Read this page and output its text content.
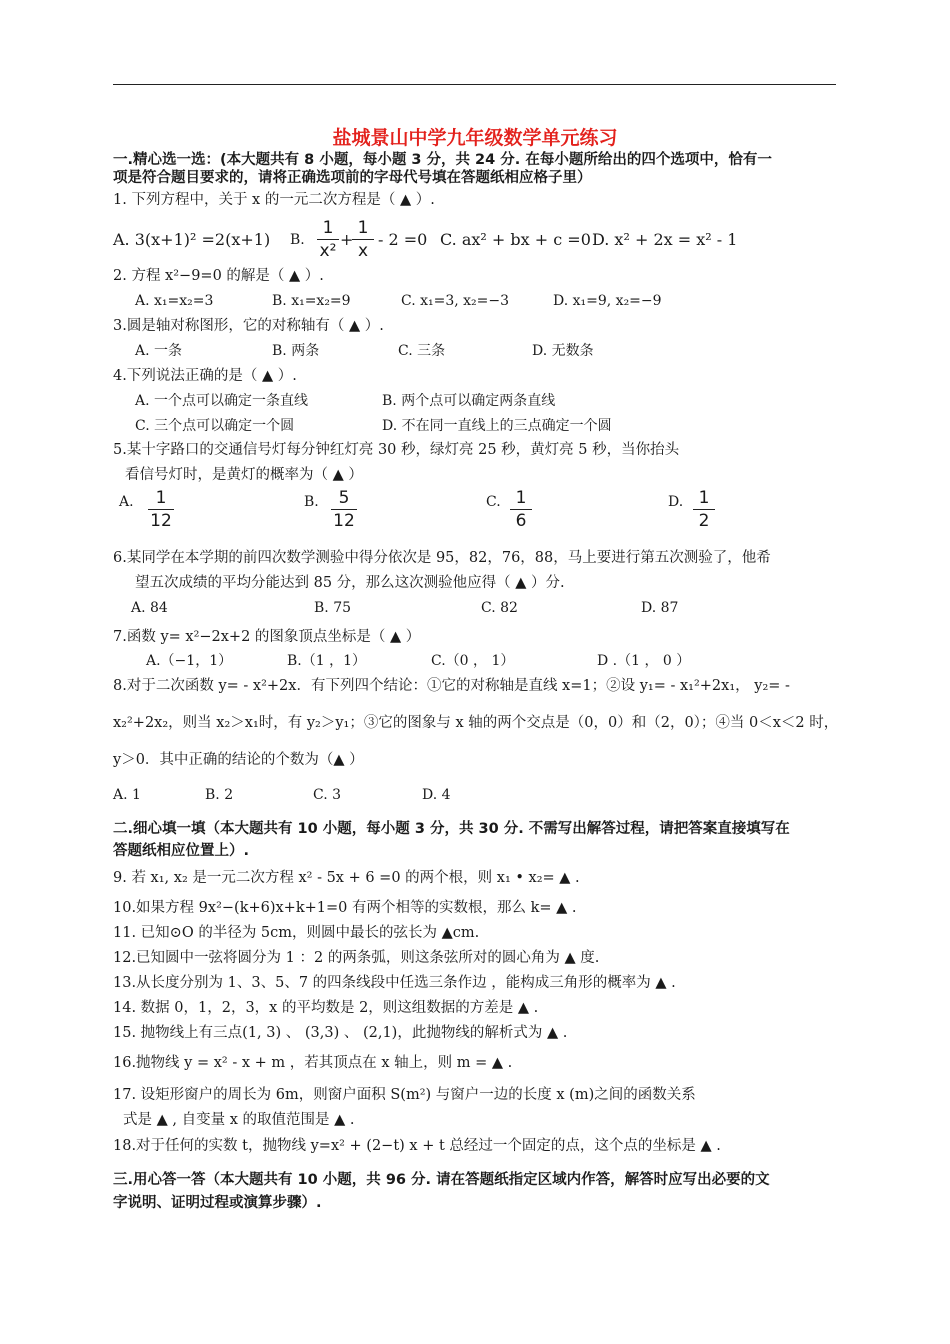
盐城景山中学九年级数学单元练习
一.精心选一选：(本大题共有 8 小题，每小题 3 分，共 24 分. 在每小题所给出的四个选项中，恰有一
项是符合题目要求的，请将正确选项前的字母代号填在答题纸相应格子里）
1. 下列方程中，关于 x 的一元二次方程是（ ▲ ）.
A. 3(x+1)² =2(x+1) B.
1
x²
+
1
x
- 2 =0 C. ax² + bx + c =0 D. x² + 2x = x² - 1
2. 方程 x²−9=0 的解是（ ▲ ）.
A. x₁=x₂=3	B. x₁=x₂=9	C. x₁=3, x₂=−3	D. x₁=9, x₂=−9
3.圆是轴对称图形，它的对称轴有（ ▲ ）.
A. 一条	B. 两条	C. 三条	D. 无数条
4.下列说法正确的是（ ▲ ）.
A. 一个点可以确定一条直线	B. 两个点可以确定两条直线
C. 三个点可以确定一个圆	D. 不在同一直线上的三点确定一个圆
5.某十字路口的交通信号灯每分钟红灯亮 30 秒，绿灯亮 25 秒，黄灯亮 5 秒，当你抬头
看信号灯时，是黄灯的概率为（ ▲ ）
A.	1
12
B.	5
12
C. 1
6
D. 1
2
6.某同学在本学期的前四次数学测验中得分依次是 95，82，76，88，马上要进行第五次测验了，他希
望五次成绩的平均分能达到 85 分，那么这次测验他应得（ ▲ ）分.
A. 84	B. 75	C. 82	D. 87
7.函数 y= x²−2x+2 的图象顶点坐标是（ ▲ ）
A.（−1，1）	B.（1 ，1）	C.（0 ， 1）	D .（1 ， 0 ）
8.对于二次函数 y= - x²+2x．有下列四个结论：①它的对称轴是直线 x=1；②设 y₁= - x₁²+2x₁， y₂= -
x₂²+2x₂，则当 x₂＞x₁时，有 y₂＞y₁；③它的图象与 x 轴的两个交点是（0，0）和（2，0）；④当 0＜x＜2 时，
y＞0．其中正确的结论的个数为（▲ ）
A. 1	B. 2	C. 3	D. 4
二.细心填一填（本大题共有 10 小题，每小题 3 分，共 30 分. 不需写出解答过程，请把答案直接填写在
答题纸相应位置上）.
9. 若 x₁, x₂ 是一元二次方程 x² - 5x + 6 =0 的两个根，则 x₁ • x₂= ▲ .
10.如果方程 9x²−(k+6)x+k+1=0 有两个相等的实数根，那么 k= ▲ .
11. 已知⊙O 的半径为 5cm，则圆中最长的弦长为 ▲cm.
12.已知圆中一弦将圆分为 1 ：2 的两条弧，则这条弦所对的圆心角为 ▲ 度.
13.从长度分别为 1、3、5、7 的四条线段中任选三条作边 ，能构成三角形的概率为 ▲ .
14. 数据 0，1，2，3，x 的平均数是 2，则这组数据的方差是 ▲ .
15. 抛物线上有三点(1, 3) 、 (3,3) 、 (2,1)，此抛物线的解析式为 ▲ .
16.抛物线 y = x² - x + m ，若其顶点在 x 轴上，则 m = ▲ .
17. 设矩形窗户的周长为 6m，则窗户面积 S(m²) 与窗户一边的长度 x (m)之间的函数关系
式是 ▲ , 自变量 x 的取值范围是 ▲ .
18.对于任何的实数 t，抛物线 y=x² + (2−t) x + t 总经过一个固定的点，这个点的坐标是 ▲ .
三.用心答一答（本大题共有 10 小题，共 96 分. 请在答题纸指定区域内作答，解答时应写出必要的文
字说明、证明过程或演算步骤）.
